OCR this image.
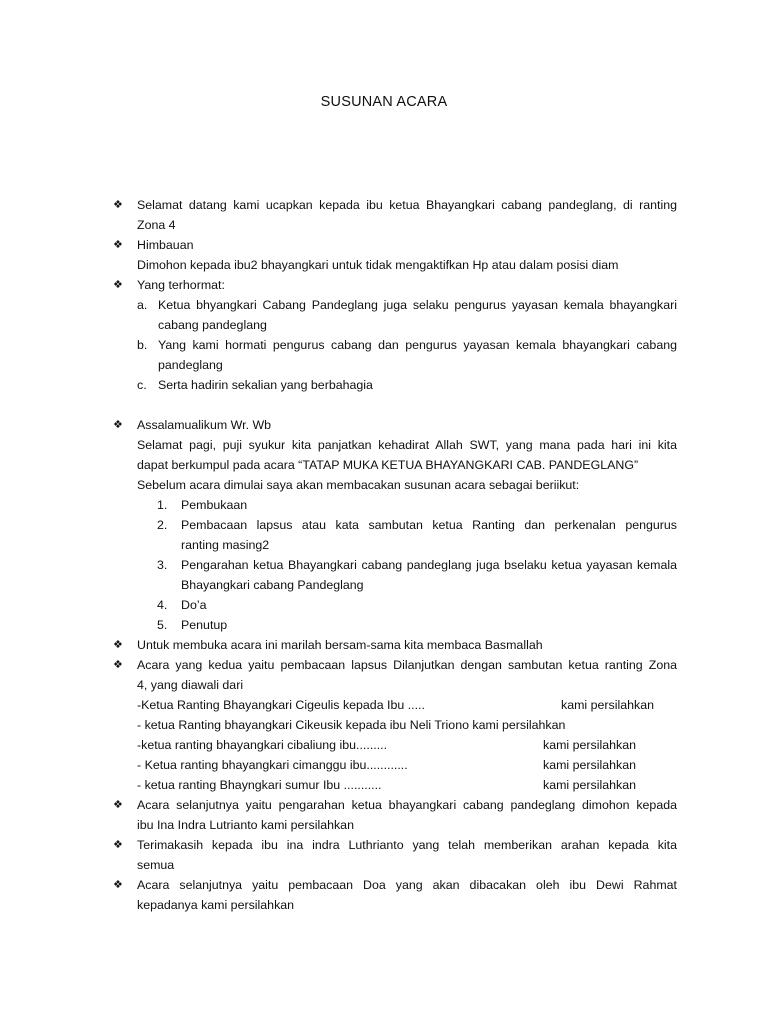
SUSUNAN ACARA
❖	Selamat datang kami ucapkan kepada ibu ketua Bhayangkari cabang pandeglang, di ranting
Zona 4
❖	Himbauan
Dimohon kepada ibu2 bhayangkari untuk tidak mengaktifkan Hp atau dalam posisi diam
❖	Yang terhormat:
a. Ketua bhyangkari Cabang Pandeglang juga selaku pengurus yayasan kemala bhayangkari
cabang pandeglang
b. Yang kami hormati pengurus cabang dan pengurus yayasan kemala bhayangkari cabang
pandeglang
c. Serta hadirin sekalian yang berbahagia
❖	Assalamualikum Wr. Wb
Selamat pagi, puji syukur kita panjatkan kehadirat Allah SWT, yang mana pada hari ini kita
dapat berkumpul pada acara “TATAP MUKA KETUA BHAYANGKARI CAB. PANDEGLANG”
Sebelum acara dimulai saya akan membacakan susunan acara sebagai beriikut:
1. Pembukaan
2. Pembacaan lapsus atau kata sambutan ketua Ranting dan perkenalan pengurus
ranting masing2
3. Pengarahan ketua Bhayangkari cabang pandeglang juga bselaku ketua yayasan kemala
Bhayangkari cabang Pandeglang
4. Do’a
5. Penutup
❖	Untuk membuka acara ini marilah bersam-sama kita membaca Basmallah
❖	Acara yang kedua yaitu pembacaan lapsus Dilanjutkan dengan sambutan ketua ranting Zona
4, yang diawali dari
-Ketua Ranting Bhayangkari Cigeulis kepada Ibu .....	kami persilahkan
- ketua Ranting bhayangkari Cikeusik kepada ibu Neli Triono kami persilahkan
-ketua ranting bhayangkari cibaliung ibu.........	kami persilahkan
- Ketua ranting bhayangkari cimanggu ibu............	kami persilahkan
- ketua ranting Bhayngkari sumur Ibu ...........	kami persilahkan
❖	Acara selanjutnya yaitu pengarahan ketua bhayangkari cabang pandeglang dimohon kepada
ibu Ina Indra Lutrianto kami persilahkan
❖	Terimakasih kepada ibu ina indra Luthrianto yang telah memberikan arahan kepada kita
semua
❖	Acara selanjutnya yaitu pembacaan Doa yang akan dibacakan oleh ibu Dewi Rahmat
kepadanya kami persilahkan
